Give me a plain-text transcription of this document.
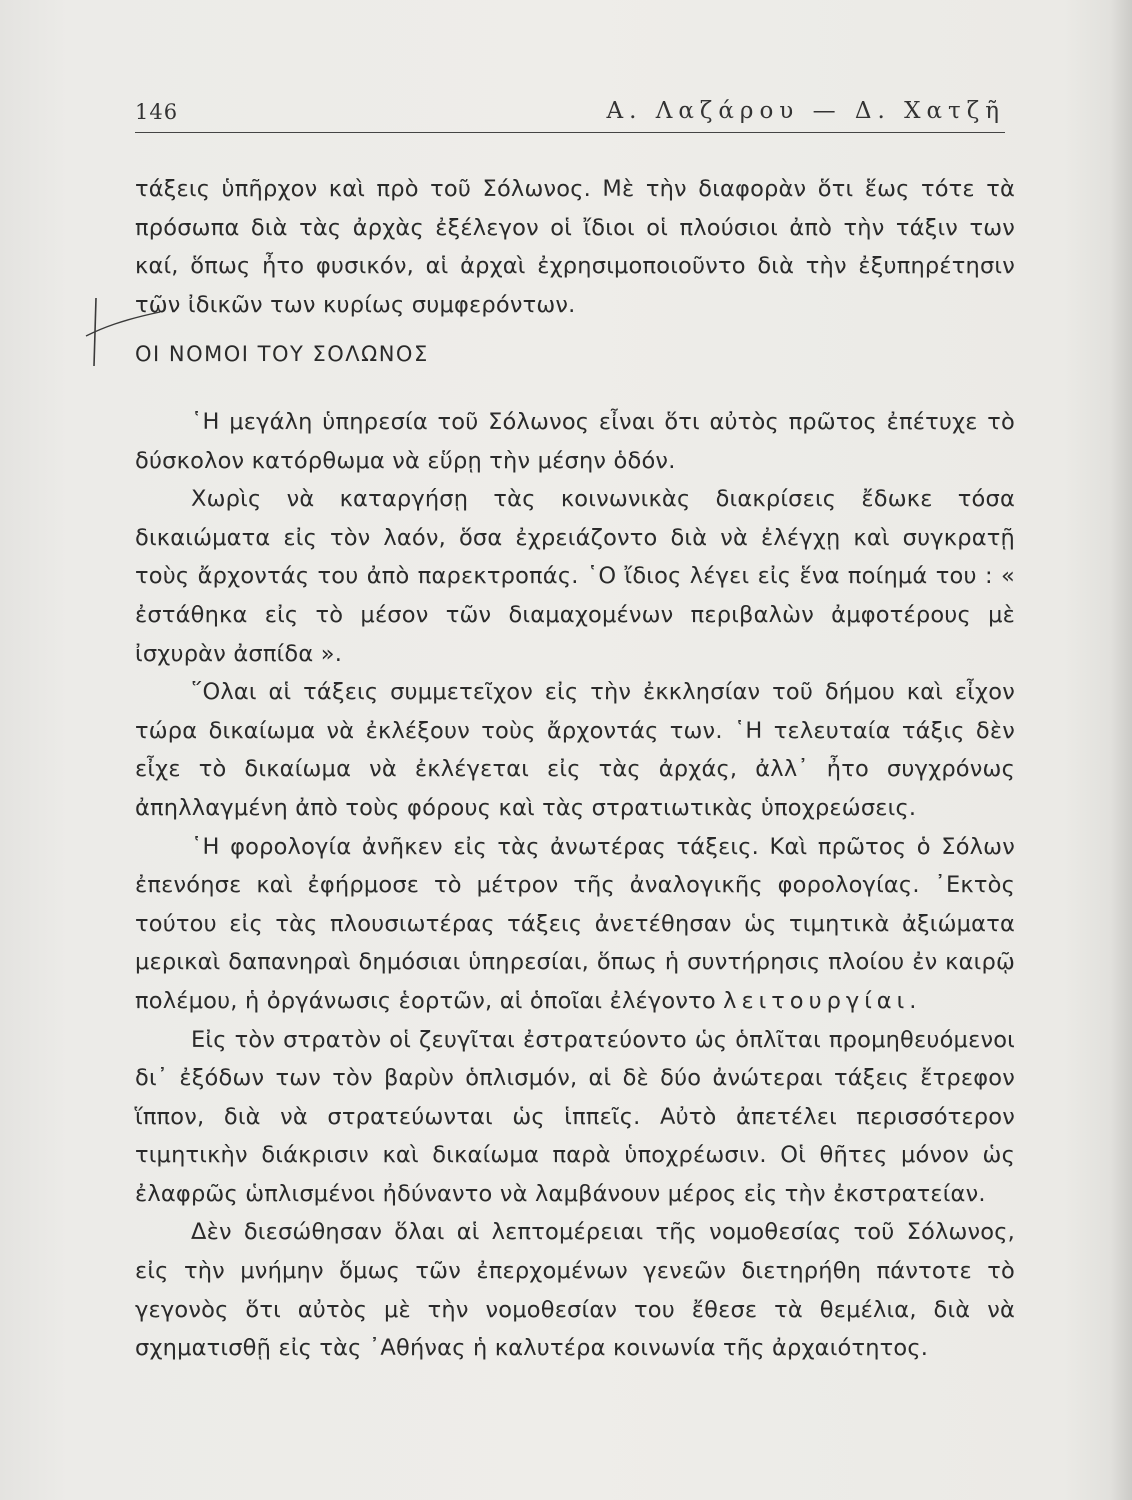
146	Α. Λαζάρου — Δ. Χατζῆ

τάξεις ὑπῆρχον καὶ πρὸ τοῦ Σόλωνος. Μὲ τὴν διαφορὰν ὅτι ἕως τότε τὰ πρόσωπα διὰ τὰς ἀρχὰς ἐξέλεγον οἱ ἴδιοι οἱ πλούσιοι ἀπὸ τὴν τάξιν των καί, ὅπως ἦτο φυσικόν, αἱ ἀρχαὶ ἐχρησιμοποιοῦντο διὰ τὴν ἐξυπηρέτησιν τῶν ἰδικῶν των κυρίως συμφερόντων.

ΟΙ ΝΟΜΟΙ ΤΟΥ ΣΟΛΩΝΟΣ

῾Η μεγάλη ὑπηρεσία τοῦ Σόλωνος εἶναι ὅτι αὐτὸς πρῶτος ἐπέτυχε τὸ δύσκολον κατόρθωμα νὰ εὕρῃ τὴν μέσην ὁδόν.

Χωρὶς νὰ καταργήσῃ τὰς κοινωνικὰς διακρίσεις ἔδωκε τόσα δικαιώματα εἰς τὸν λαόν, ὅσα ἐχρειάζοντο διὰ νὰ ἐλέγχῃ καὶ συγκρατῇ τοὺς ἄρχοντάς του ἀπὸ παρεκτροπάς. ῾Ο ἴδιος λέγει εἰς ἕνα ποίημά του : « ἐστάθηκα εἰς τὸ μέσον τῶν διαμαχομένων περιβαλὼν ἀμφοτέρους μὲ ἰσχυρὰν ἀσπίδα ».

῞Ολαι αἱ τάξεις συμμετεῖχον εἰς τὴν ἐκκλησίαν τοῦ δήμου καὶ εἶχον τώρα δικαίωμα νὰ ἐκλέξουν τοὺς ἄρχοντάς των. ῾Η τελευταία τάξις δὲν εἶχε τὸ δικαίωμα νὰ ἐκλέγεται εἰς τὰς ἀρχάς, ἀλλ᾽ ἦτο συγχρόνως ἀπηλλαγμένη ἀπὸ τοὺς φόρους καὶ τὰς στρατιωτικὰς ὑποχρεώσεις.

῾Η φορολογία ἀνῆκεν εἰς τὰς ἀνωτέρας τάξεις. Καὶ πρῶτος ὁ Σόλων ἐπενόησε καὶ ἐφήρμοσε τὸ μέτρον τῆς ἀναλογικῆς φορολογίας. ᾿Εκτὸς τούτου εἰς τὰς πλουσιωτέρας τάξεις ἀνετέθησαν ὡς τιμητικὰ ἀξιώματα μερικαὶ δαπανηραὶ δημόσιαι ὑπηρεσίαι, ὅπως ἡ συντήρησις πλοίου ἐν καιρῷ πολέμου, ἡ ὀργάνωσις ἑορτῶν, αἱ ὁποῖαι ἐλέγοντο λειτουργίαι.

Εἰς τὸν στρατὸν οἱ ζευγῖται ἐστρατεύοντο ὡς ὁπλῖται προμηθευόμενοι δι᾽ ἐξόδων των τὸν βαρὺν ὁπλισμόν, αἱ δὲ δύο ἀνώτεραι τάξεις ἔτρεφον ἵππον, διὰ νὰ στρατεύωνται ὡς ἱππεῖς. Αὐτὸ ἀπετέλει περισσότερον τιμητικὴν διάκρισιν καὶ δικαίωμα παρὰ ὑποχρέωσιν. Οἱ θῆτες μόνον ὡς ἐλαφρῶς ὡπλισμένοι ἠδύναντο νὰ λαμβάνουν μέρος εἰς τὴν ἐκστρατείαν.

Δὲν διεσώθησαν ὅλαι αἱ λεπτομέρειαι τῆς νομοθεσίας τοῦ Σόλωνος, εἰς τὴν μνήμην ὅμως τῶν ἐπερχομένων γενεῶν διετηρήθη πάντοτε τὸ γεγονὸς ὅτι αὐτὸς μὲ τὴν νομοθεσίαν του ἔθεσε τὰ θεμέλια, διὰ νὰ σχηματισθῇ εἰς τὰς ᾿Αθήνας ἡ καλυτέρα κοινωνία τῆς ἀρχαιότητος.
